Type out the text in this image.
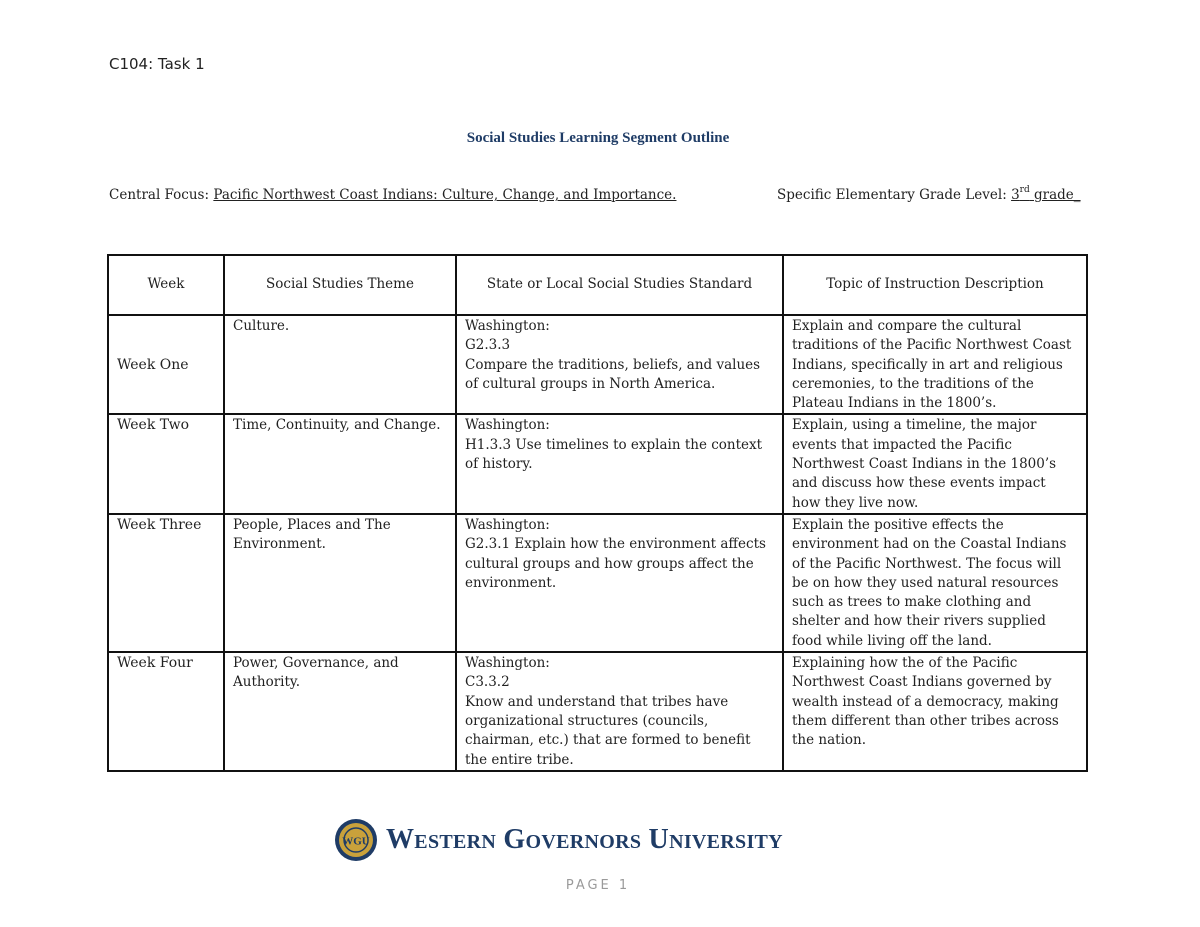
C104: Task 1
Social Studies Learning Segment Outline
Central Focus: Pacific Northwest Coast Indians: Culture, Change, and Importance.	Specific Elementary Grade Level: 3rd grade_
Week	Social Studies Theme	State or Local Social Studies Standard	Topic of Instruction Description
Week One	Culture.	Washington:
G2.3.3
Compare the traditions, beliefs, and values of cultural groups in North America.	Explain and compare the cultural traditions of the Pacific Northwest Coast Indians, specifically in art and religious ceremonies, to the traditions of the Plateau Indians in the 1800’s.
Week Two	Time, Continuity, and Change.	Washington:
H1.3.3 Use timelines to explain the context of history.	Explain, using a timeline, the major events that impacted the Pacific Northwest Coast Indians in the 1800’s and discuss how these events impact how they live now.
Week Three	People, Places and The Environment.	Washington:
G2.3.1 Explain how the environment affects cultural groups and how groups affect the environment.	Explain the positive effects the environment had on the Coastal Indians of the Pacific Northwest. The focus will be on how they used natural resources such as trees to make clothing and shelter and how their rivers supplied food while living off the land.
Week Four	Power, Governance, and Authority.	Washington:
C3.3.2
Know and understand that tribes have organizational structures (councils, chairman, etc.) that are formed to benefit the entire tribe.	Explaining how the of the Pacific Northwest Coast Indians governed by wealth instead of a democracy, making them different than other tribes across the nation.
WGU Western Governors University
PAGE 1
